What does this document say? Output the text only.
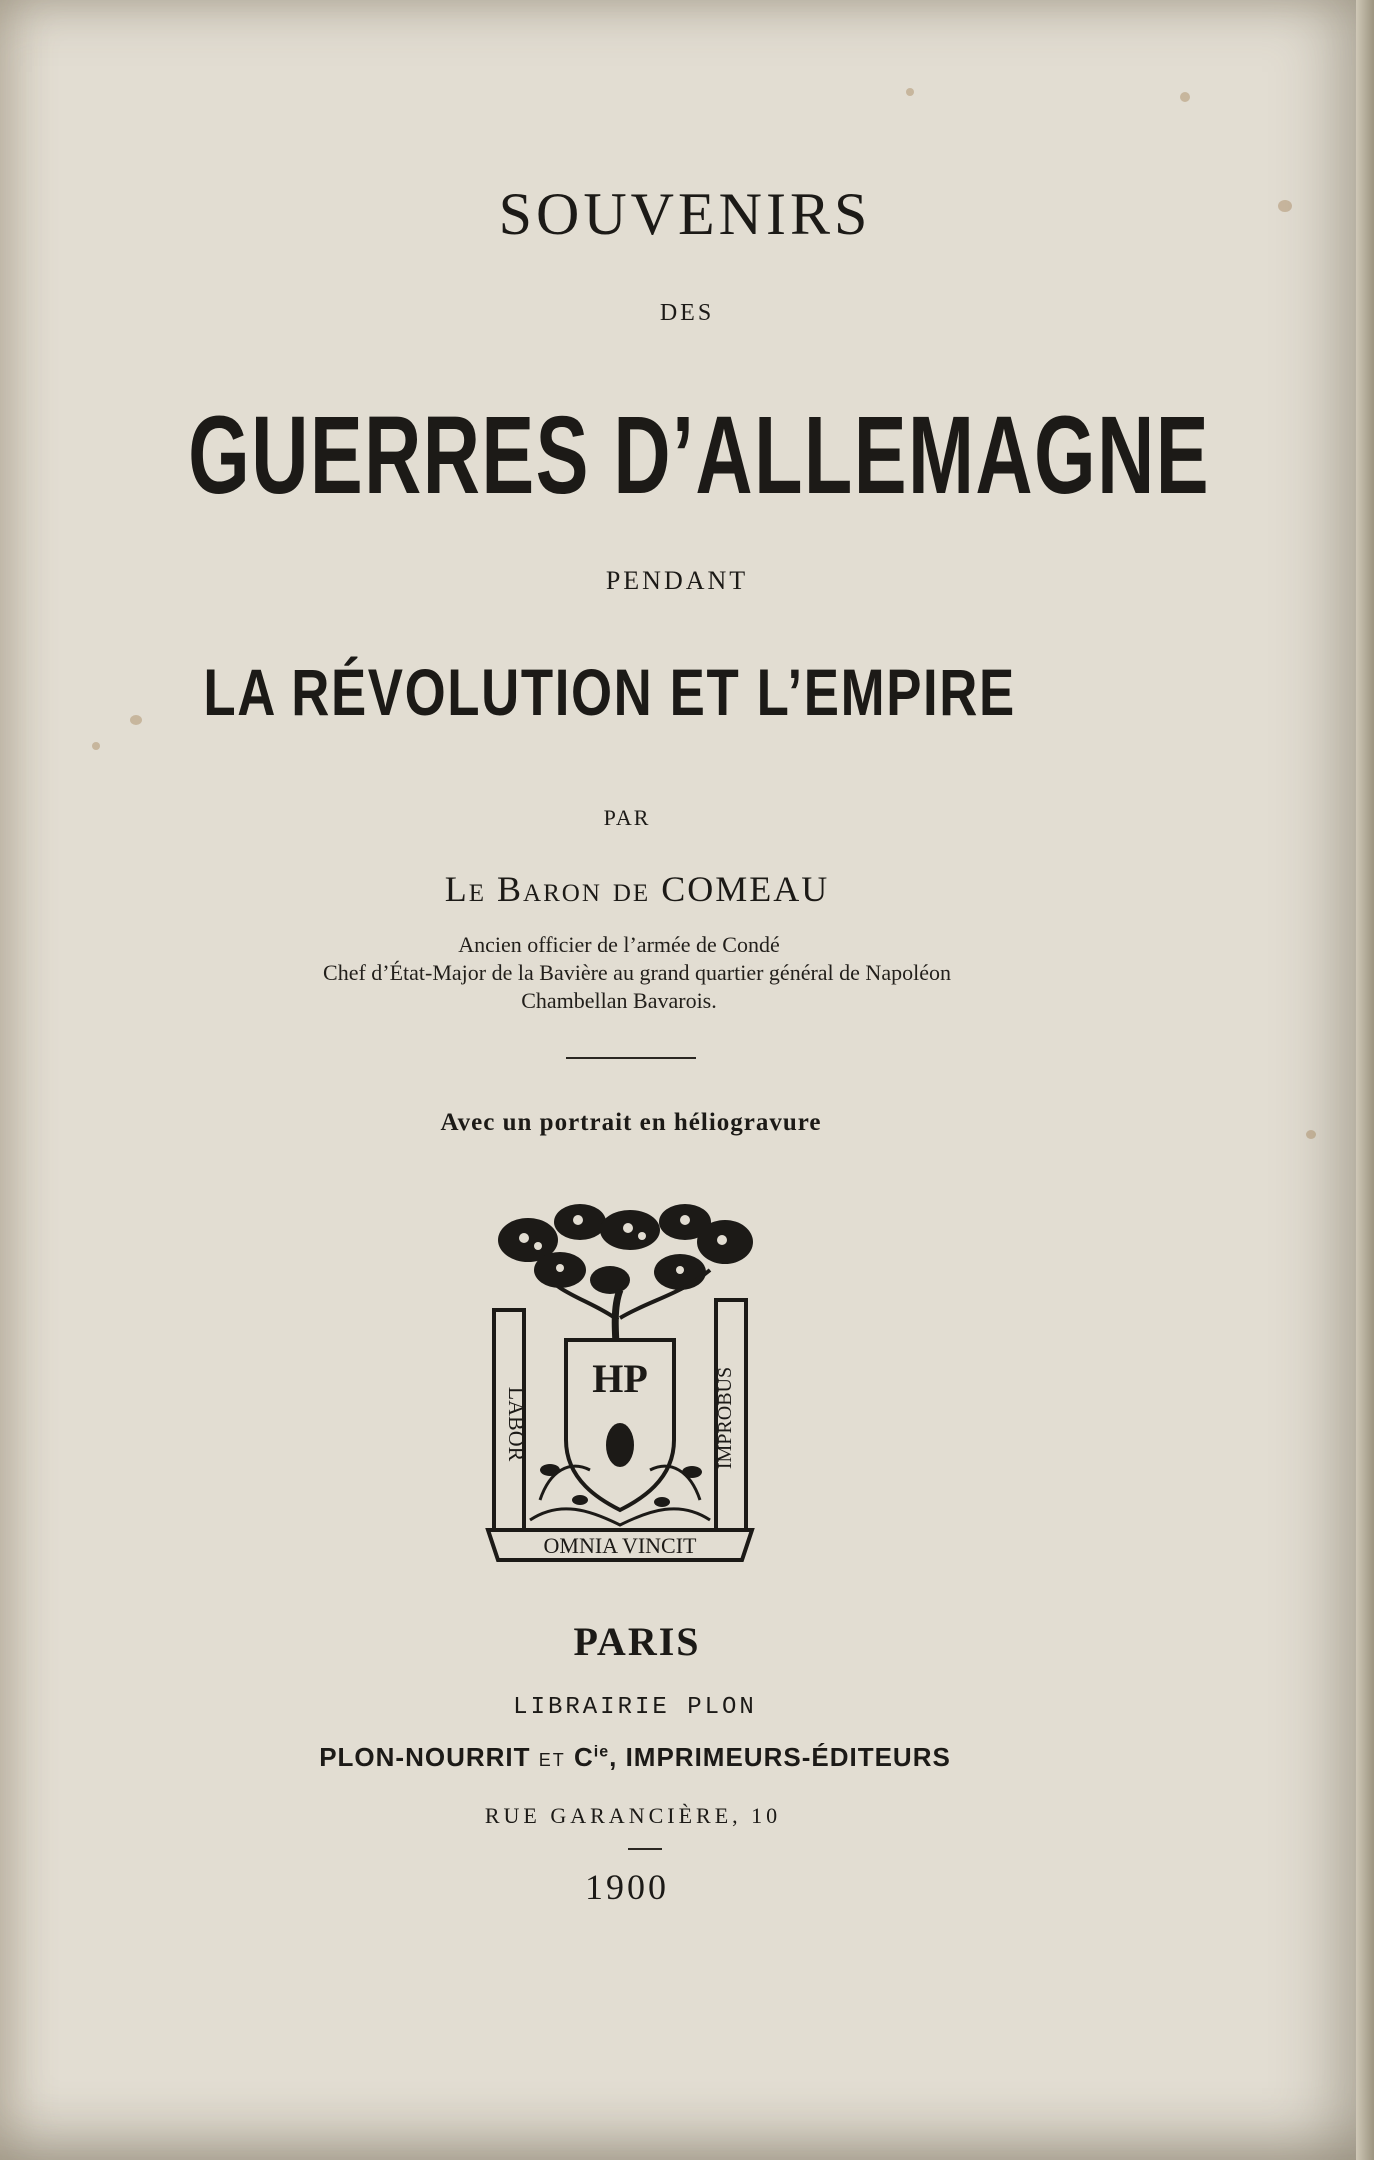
SOUVENIRS
DES
GUERRES D’ALLEMAGNE
PENDANT
LA RÉVOLUTION ET L’EMPIRE
PAR
Le Baron de COMEAU
Ancien officier de l’armée de Condé
Chef d’État-Major de la Bavière au grand quartier général de Napoléon
Chambellan Bavarois.
Avec un portrait en héliogravure
LABOR	IMPROBUS
HP
OMNIA VINCIT
PARIS
LIBRAIRIE PLON
PLON-NOURRIT ET $C^{ie}$, IMPRIMEURS-ÉDITEURS
RUE GARANCIÈRE, 10
1900
